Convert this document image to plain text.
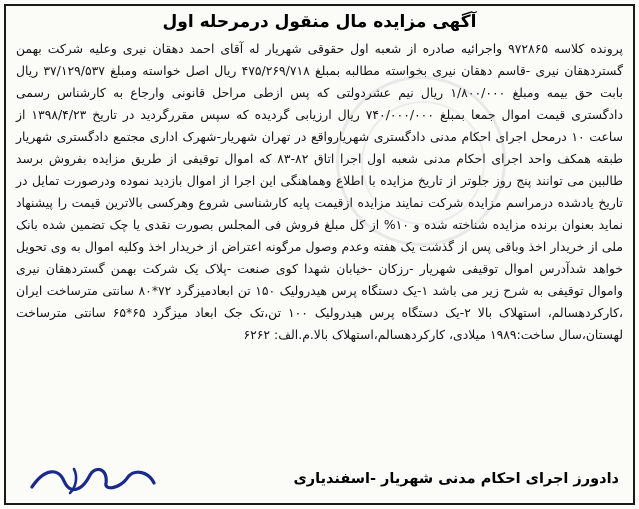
آگهی مزایده مال منقول درمرحله اول

پرونده کلاسه ۹۷۲۸۶۵ واجرائیه صادره از شعبه اول حقوقی شهریار له آقای احمد دهقان نیری وعلیه شرکت بهمن گستردهقان نیری -قاسم دهقان نیری بخواسته مطالبه بمبلغ ۴۷۵/۲۶۹/۷۱۸ ریال اصل خواسته ومبلغ ۳۷/۱۲۹/۵۳۷ ریال بابت حق بیمه ومبلغ ۱/۸۰۰/۰۰۰ ریال نیم عشردولتی که پس ازطی مراحل قانونی وارجاع به کارشناس رسمی دادگستری قیمت اموال جمعا بمبلغ ۷۴۰/۰۰۰/۰۰۰ ریال ارزیابی گردیده که سپس مقررگردید در تاریخ ۱۳۹۸/۴/۲۳ از ساعت ۱۰ درمحل اجرای احکام مدنی دادگستری شهریارواقع در تهران شهریار-شهرک اداری مجتمع دادگستری شهریار طبقه همکف واحد اجرای احکام مدنی شعبه اول اجرا اتاق ۸۲-۸۳ که اموال توقیفی از طریق مزایده بفروش برسد طالبین می توانند پنج روز جلوتر از تاریخ مزایده با اطلاع وهماهنگی این اجرا از اموال بازدید نموده ودرصورت تمایل در تاریخ یادشده درمراسم مزایده شرکت نمایند مزایده ازقیمت پایه کارشناسی شروع وهرکسی بالاترین قیمت را پیشنهاد نماید بعنوان برنده مزایده شناخته شده و ۱۰% از کل مبلغ فروش فی المجلس بصورت نقدی یا چک تضمین شده بانک ملی از خریدار اخذ وباقی پس از گذشت یک هفته وعدم وصول مرگونه اعتراض از خریدار اخذ وکلیه اموال به وی تحویل خواهد شدآدرس اموال توقیفی شهریار -رزکان -خیابان شهدا کوی صنعت -پلاک یک شرکت بهمن گستردهقان نیری واموال توقیفی به شرح زیر می باشد ۱-یک دستگاه پرس هیدرولیک ۱۵۰ تن ابعادمیزگرد ۷۲*۸۰ سانتی مترساخت ایران ،کارکردهسالم، استهلاک بالا ۲-یک دستگاه پرس هیدرولیک ۱۰۰ تن،تک جک ابعاد میزگرد ۶۵*۶۵ سانتی مترساخت لهستان،سال ساخت:۱۹۸۹ میلادی، کارکردهسالم،استهلاک بالا.م.الف: ۶۲۶۲

دادورز اجرای احکام مدنی شهریار -اسفندیاری
